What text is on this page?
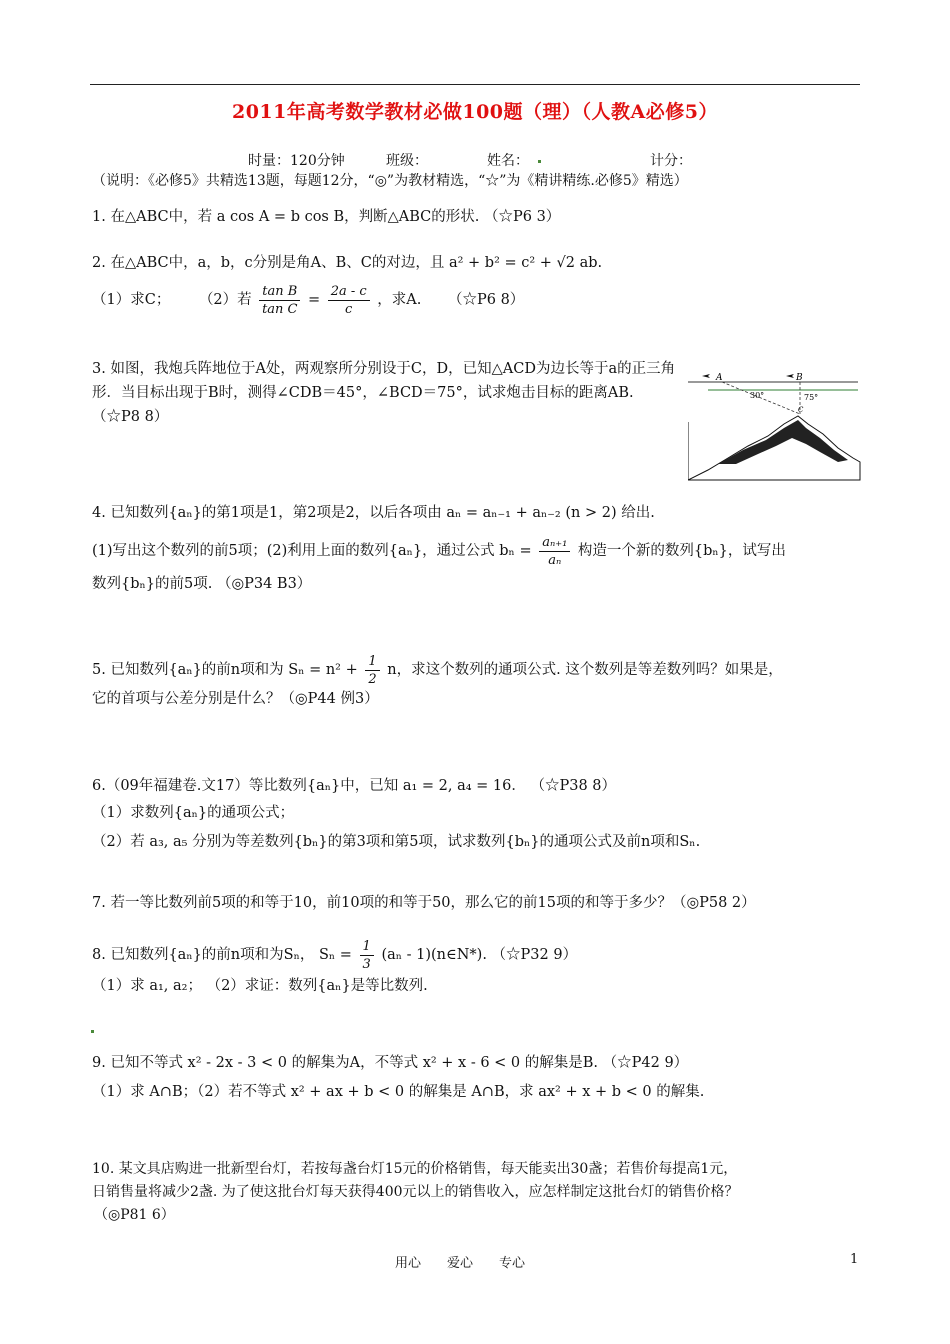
2011年高考数学教材必做100题（理）（人教A必修5）
时量：120分钟	班级：	姓名：	计分：
（说明：《必修5》共精选13题，每题12分，“◎”为教材精选，“☆”为《精讲精练.必修5》精选）

1. 在△ABC中，若 a cos A = b cos B，判断△ABC的形状. （☆P6 3）

2. 在△ABC中，a，b，c分别是角A、B、C的对边，且 a² + b² = c² + √2 ab.

（1）求C； （2）若 $\frac{\text{tan B}}{\text{tan C}} = \frac{2a - c}{c}$ ，求A. （☆P6 8）

3. 如图，我炮兵阵地位于A处，两观察所分别设于C，D，已知△ACD为边长等于a的正三角形．当目标出现于B时，测得∠CDB＝45°，∠BCD＝75°，试求炮击目标的距离AB. （☆P8 8）

A	B
30°	75°
C

4. 已知数列{aₙ}的第1项是1，第2项是2，以后各项由 aₙ = aₙ₋₁ + aₙ₋₂ (n > 2) 给出.

(1)写出这个数列的前5项；(2)利用上面的数列{aₙ}，通过公式 $b_n = \frac{\text{aₙ₊₁}}{\text{aₙ}}$ 构造一个新的数列{bₙ}，试写出

数列{bₙ}的前5项. （◎P34 B3）

5. 已知数列{aₙ}的前n项和为 $S_n = n^2 + \frac{1}{2}$ n，求这个数列的通项公式. 这个数列是等差数列吗？如果是，

它的首项与公差分别是什么？（◎P44 例3）

6.（09年福建卷.文17）等比数列{aₙ}中，已知 a₁ = 2, a₄ = 16． （☆P38 8）

（1）求数列{aₙ}的通项公式；

（2）若 a₃, a₅ 分别为等差数列{bₙ}的第3项和第5项，试求数列{bₙ}的通项公式及前n项和Sₙ.

7. 若一等比数列前5项的和等于10，前10项的和等于50，那么它的前15项的和等于多少？（◎P58 2）

8. 已知数列{aₙ}的前n项和为Sₙ， $S_n = \frac{1}{3} (a_n$ - 1)(n∈N*). （☆P32 9）

（1）求 a₁, a₂； （2）求证：数列{aₙ}是等比数列.

9. 已知不等式 x² - 2x - 3 < 0 的解集为A，不等式 x² + x - 6 < 0 的解集是B. （☆P42 9）

（1）求 A∩B；（2）若不等式 x² + ax + b < 0 的解集是 A∩B，求 ax² + x + b < 0 的解集.

10. 某文具店购进一批新型台灯，若按每盏台灯15元的价格销售，每天能卖出30盏；若售价每提高1元，

日销售量将减少2盏. 为了使这批台灯每天获得400元以上的销售收入，应怎样制定这批台灯的销售价格？

（◎P81 6）

用心　　爱心　　专心	1
